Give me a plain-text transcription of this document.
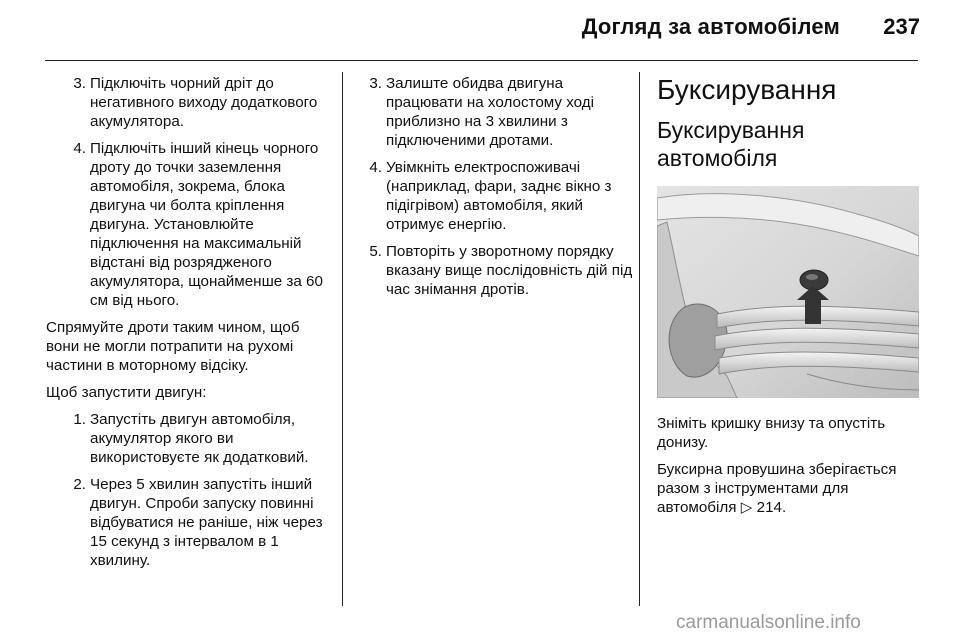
Догляд за автомобілем	237
3. Підключіть чорний дріт до негативного виходу додаткового акумулятора.
4. Підключіть інший кінець чорного дроту до точки заземлення автомобіля, зокрема, блока двигуна чи болта кріплення двигуна. Установлюйте підключення на максимальній відстані від розрядженого акумулятора, щонайменше за 60 см від нього.

Спрямуйте дроти таким чином, щоб вони не могли потрапити на рухомі частини в моторному відсіку.

Щоб запустити двигун:

1. Запустіть двигун автомобіля, акумулятор якого ви використовуєте як додатковий.
2. Через 5 хвилин запустіть інший двигун. Спроби запуску повинні відбуватися не раніше, ніж через 15 секунд з інтервалом в 1 хвилину.
3. Залиште обидва двигуна працювати на холостому ході приблизно на 3 хвилини з підключеними дротами.
4. Увімкніть електроспоживачі (наприклад, фари, заднє вікно з підігрівом) автомобіля, який отримує енергію.
5. Повторіть у зворотному порядку вказану вище послідовність дій під час знімання дротів.
Буксирування
Буксирування автомобіля

Зніміть кришку внизу та опустіть донизу.

Буксирна провушина зберігається разом з інструментами для автомобіля ▷ 214.

carmanualsonline.info
